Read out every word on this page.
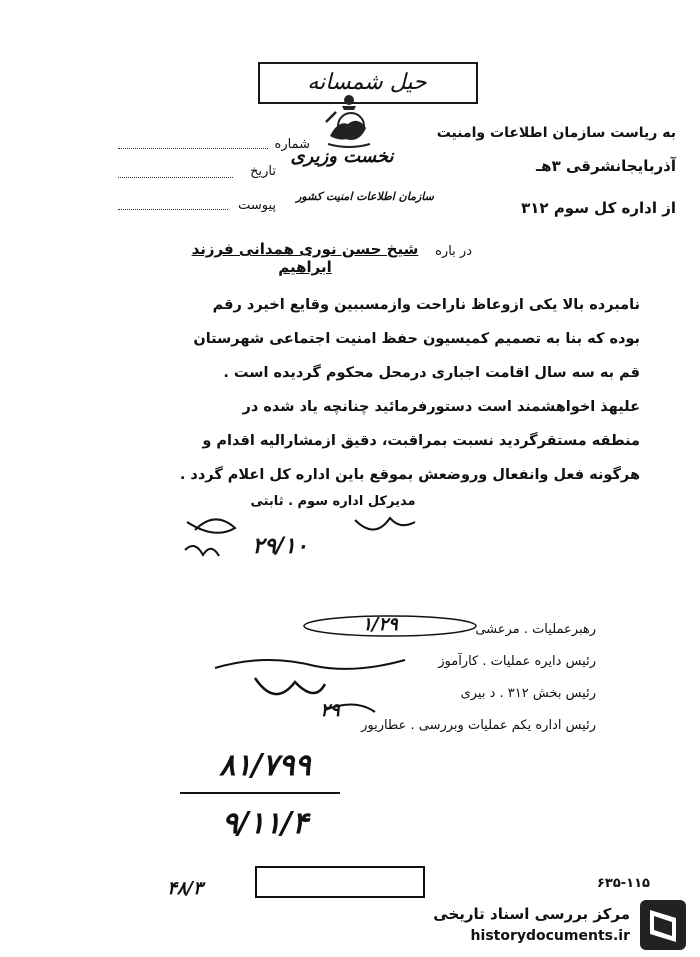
حیل شمسانه
به ریاست سازمان اطلاعات وامنیت
آذربایجانشرقی ۳هـ
نخست وزیری
سازمان اطلاعات امنیت کشور
از اداره کل سوم ۳۱۲
شماره
تاریخ
پیوست
در باره
شیخ حسن نوری همدانی فرزند ابراهیم
نامبرده بالا یکی ازوعاظ ناراحت وازمسببین وقایع اخیرد رقم
بوده که بنا به تصمیم کمیسیون حفظ امنیت اجتماعی شهرستان
قم به سه سال اقامت اجباری درمحل محکوم گردیده است .
علیهذ اخواهشمند است دستورفرمائید چنانچه یاد شده در
منطقه مستقرگردید نسبت بمراقبت، دقیق ازمشارالیه اقدام و
هرگونه فعل وانفعال وروضعش بموقع باین اداره کل اعلام گردد .
مدیرکل اداره سوم . ثابتی
۲۹/۱۰
رهبرعملیات . مرعشی
۱/۲۹
رئیس دایره عملیات . کارآموز
رئیس بخش ۳۱۲ . د بیری
رئیس اداره یکم عملیات وبررسی . عطاریور
۲۹
۸۱/۷۹۹
۹/۱۱/۴
۴۸/۳	۶۳۵-۱۱۵
مرکز بررسی اسناد تاریخی
historydocuments.ir
